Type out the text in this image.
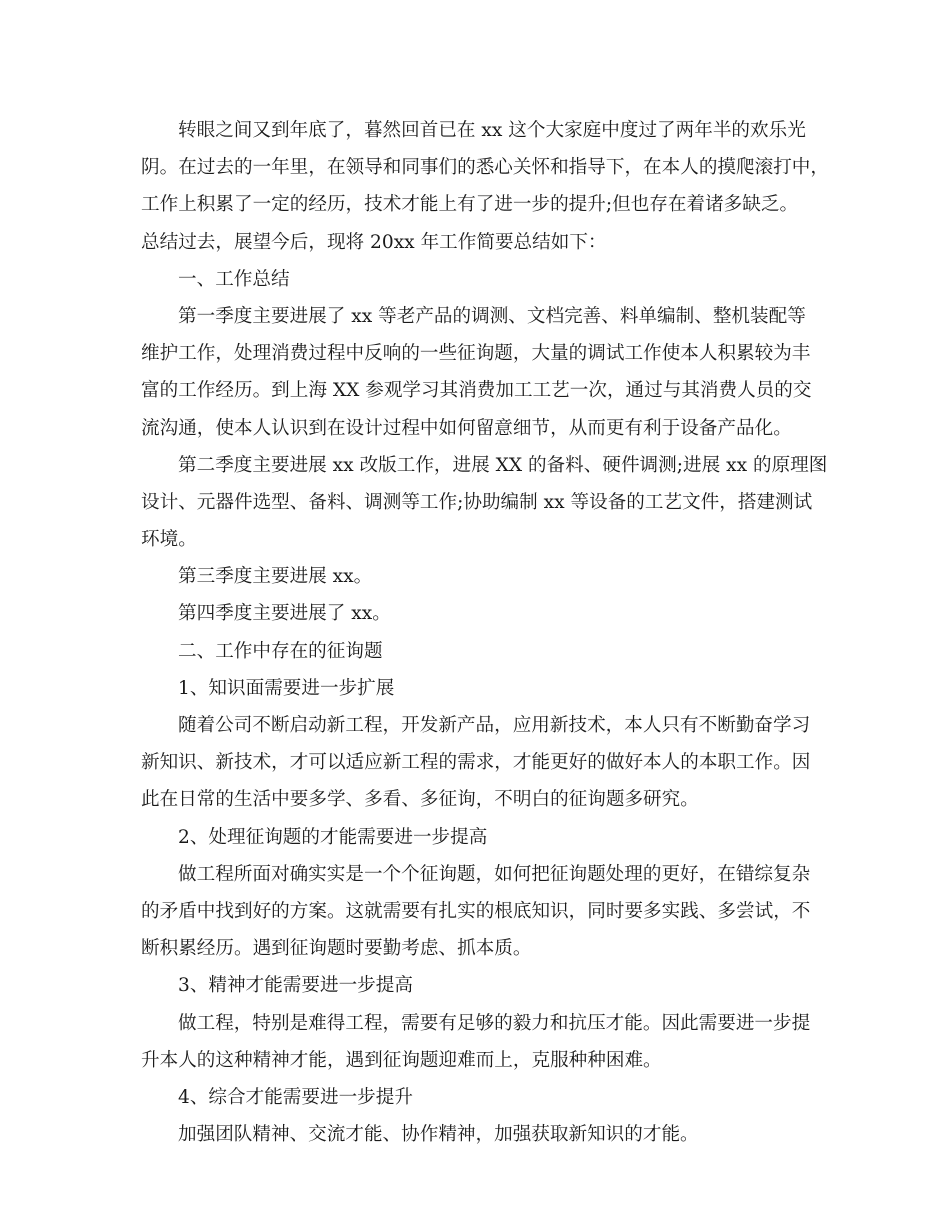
转眼之间又到年底了，暮然回首已在 xx 这个大家庭中度过了两年半的欢乐光
阴。在过去的一年里，在领导和同事们的悉心关怀和指导下，在本人的摸爬滚打中，
工作上积累了一定的经历，技术才能上有了进一步的提升;但也存在着诸多缺乏。
总结过去，展望今后，现将 20xx 年工作简要总结如下：
一、工作总结
第一季度主要进展了 xx 等老产品的调测、文档完善、料单编制、整机装配等
维护工作，处理消费过程中反响的一些征询题，大量的调试工作使本人积累较为丰
富的工作经历。到上海 XX 参观学习其消费加工工艺一次，通过与其消费人员的交
流沟通，使本人认识到在设计过程中如何留意细节，从而更有利于设备产品化。
第二季度主要进展 xx 改版工作，进展 XX 的备料、硬件调测;进展 xx 的原理图
设计、元器件选型、备料、调测等工作;协助编制 xx 等设备的工艺文件，搭建测试
环境。
第三季度主要进展 xx。
第四季度主要进展了 xx。
二、工作中存在的征询题
1、知识面需要进一步扩展
随着公司不断启动新工程，开发新产品，应用新技术，本人只有不断勤奋学习
新知识、新技术，才可以适应新工程的需求，才能更好的做好本人的本职工作。因
此在日常的生活中要多学、多看、多征询，不明白的征询题多研究。
2、处理征询题的才能需要进一步提高
做工程所面对确实实是一个个征询题，如何把征询题处理的更好，在错综复杂
的矛盾中找到好的方案。这就需要有扎实的根底知识，同时要多实践、多尝试，不
断积累经历。遇到征询题时要勤考虑、抓本质。
3、精神才能需要进一步提高
做工程，特别是难得工程，需要有足够的毅力和抗压才能。因此需要进一步提
升本人的这种精神才能，遇到征询题迎难而上，克服种种困难。
4、综合才能需要进一步提升
加强团队精神、交流才能、协作精神，加强获取新知识的才能。
